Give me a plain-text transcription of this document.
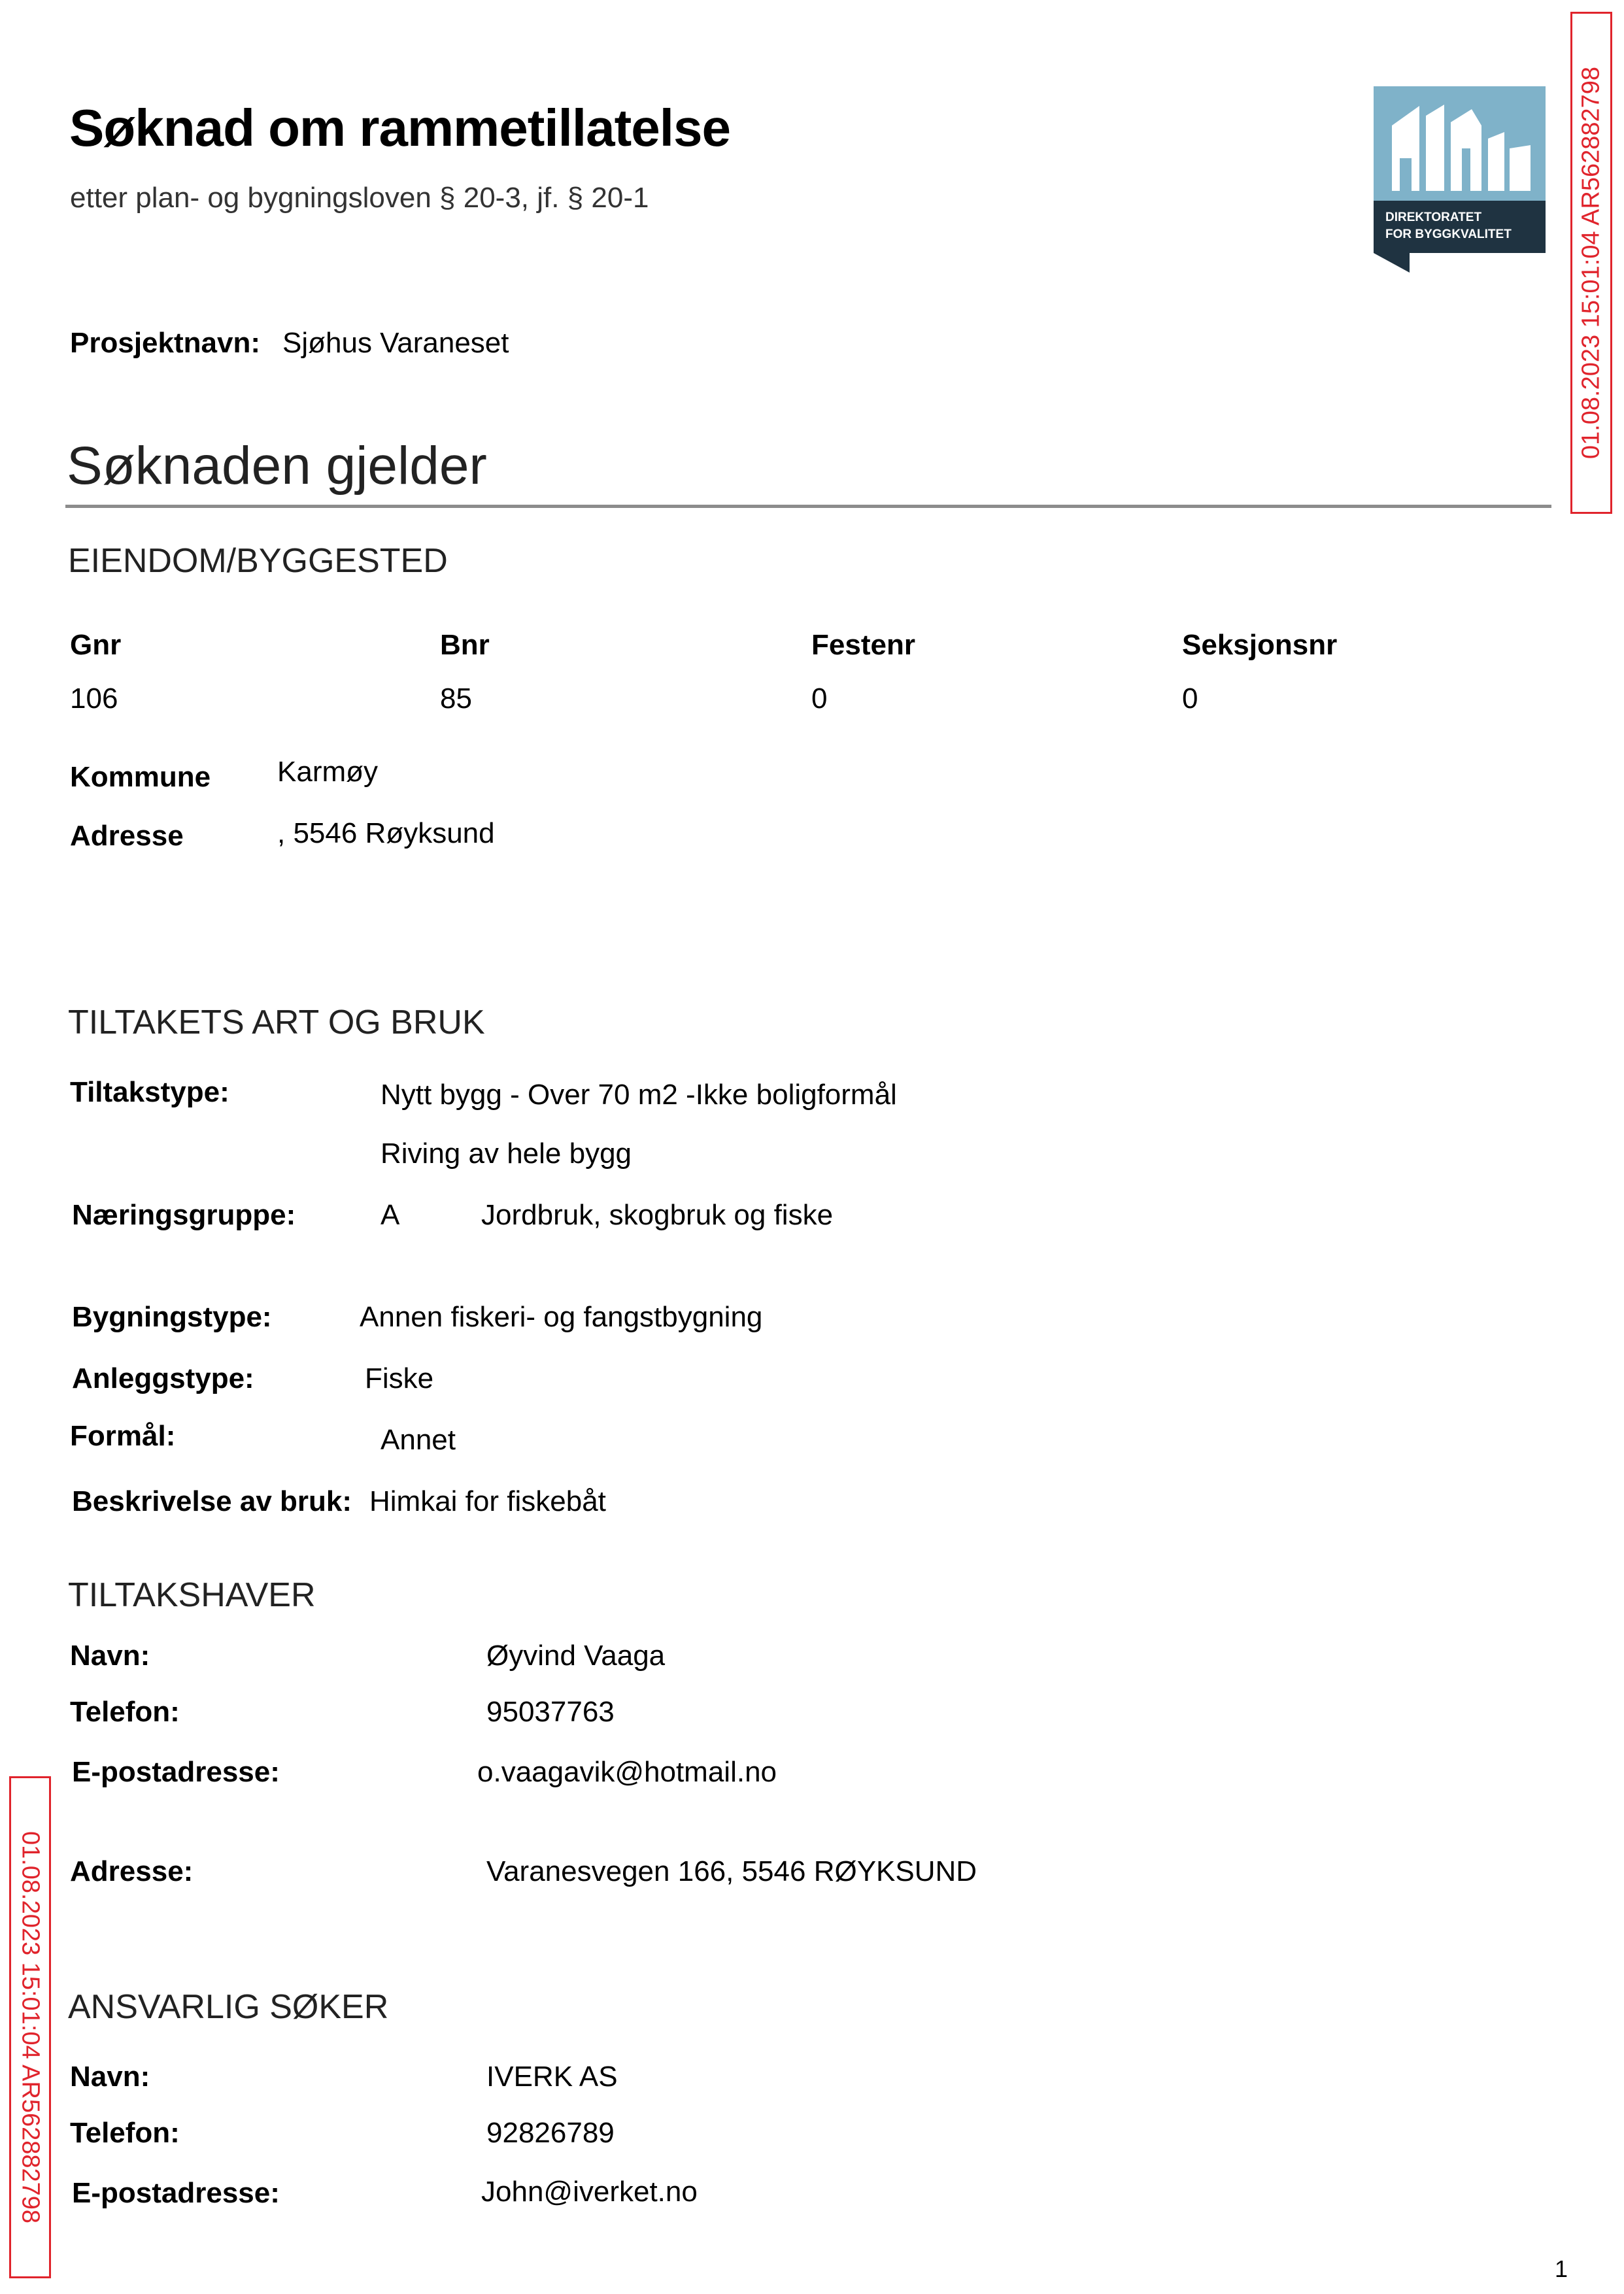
Søknad om rammetillatelse
etter plan- og bygningsloven § 20-3, jf. § 20-1
DIREKTORATET
FOR BYGGKVALITET	01.08.2023 15:01:04 AR562882798
01.08.2023 15:01:04 AR562882798
Prosjektnavn: Sjøhus Varaneset
Søknaden gjelder
EIENDOM/BYGGESTED
Gnr	Bnr	Festenr	Seksjonsnr
106	85	0	0
Kommune Karmøy
Adresse	, 5546 Røyksund
TILTAKETS ART OG BRUK
Tiltakstype:	Nytt bygg - Over 70 m2 -Ikke boligformål
Riving av hele bygg
Næringsgruppe:	A	Jordbruk, skogbruk og fiske
Bygningstype:	Annen fiskeri- og fangstbygning
Anleggstype:	Fiske
Formål:	Annet
Beskrivelse av bruk: Himkai for fiskebåt
TILTAKSHAVER
Navn:	Øyvind Vaaga
Telefon:	95037763
E-postadresse:	o.vaagavik@hotmail.no
Adresse:	Varanesvegen 166, 5546 RØYKSUND
ANSVARLIG SØKER
Navn:	IVERK AS
Telefon:	92826789
E-postadresse:	John@iverket.no
1
